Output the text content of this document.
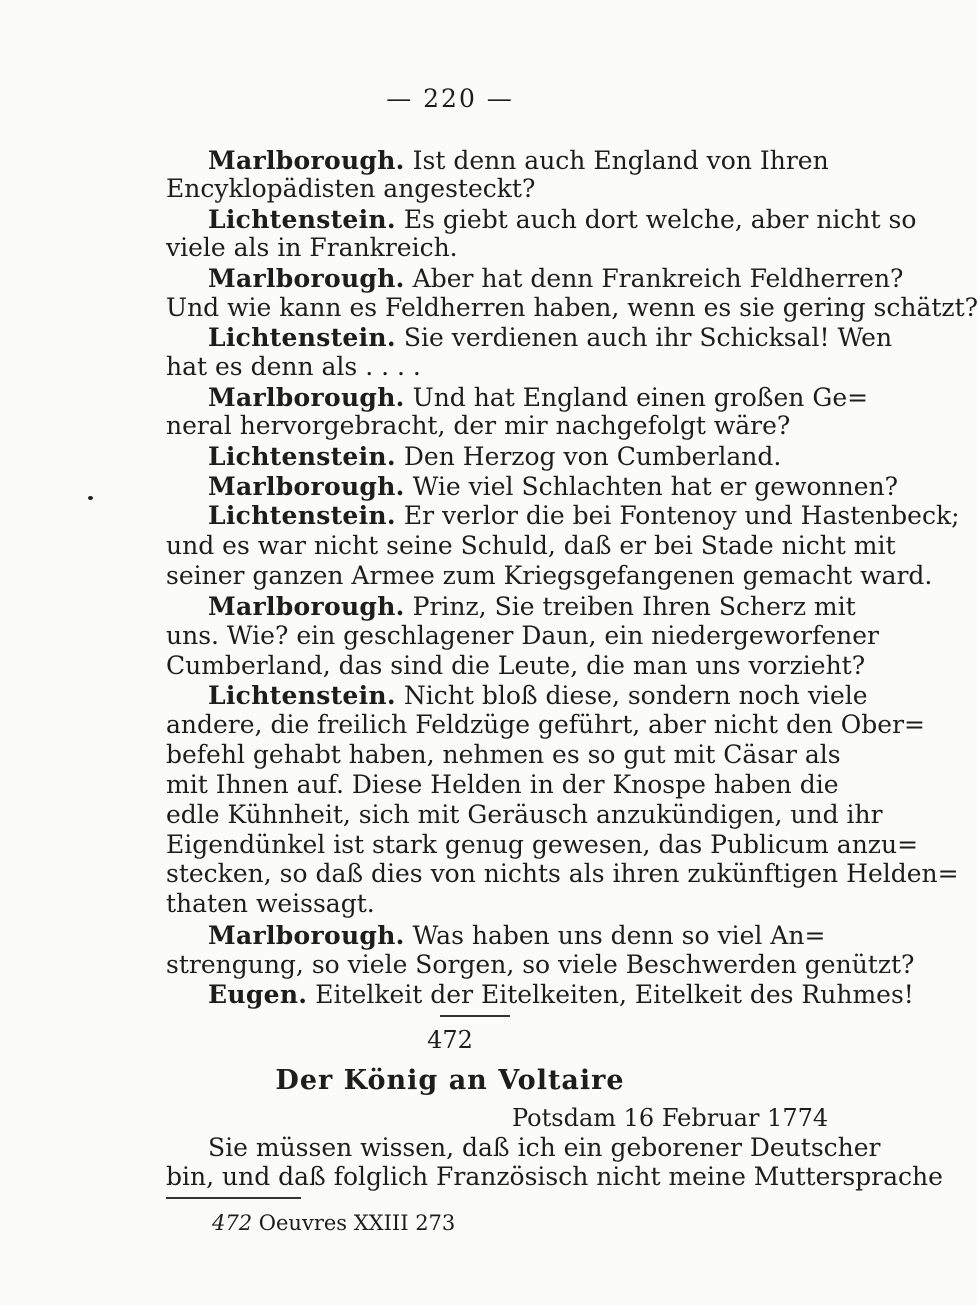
— 220 —
Marlborough. Ist denn auch England von Ihren
Encyklopädisten angesteckt?
Lichtenstein. Es giebt auch dort welche, aber nicht so
viele als in Frankreich.
Marlborough. Aber hat denn Frankreich Feldherren?
Und wie kann es Feldherren haben, wenn es sie gering schätzt?
Lichtenstein. Sie verdienen auch ihr Schicksal! Wen
hat es denn als . . . .
Marlborough. Und hat England einen großen Ge=
neral hervorgebracht, der mir nachgefolgt wäre?
Lichtenstein. Den Herzog von Cumberland.
Marlborough. Wie viel Schlachten hat er gewonnen?
Lichtenstein. Er verlor die bei Fontenoy und Hastenbeck;
und es war nicht seine Schuld, daß er bei Stade nicht mit
seiner ganzen Armee zum Kriegsgefangenen gemacht ward.
Marlborough. Prinz, Sie treiben Ihren Scherz mit
uns. Wie? ein geschlagener Daun, ein niedergeworfener
Cumberland, das sind die Leute, die man uns vorzieht?
Lichtenstein. Nicht bloß diese, sondern noch viele
andere, die freilich Feldzüge geführt, aber nicht den Ober=
befehl gehabt haben, nehmen es so gut mit Cäsar als
mit Ihnen auf. Diese Helden in der Knospe haben die
edle Kühnheit, sich mit Geräusch anzukündigen, und ihr
Eigendünkel ist stark genug gewesen, das Publicum anzu=
stecken, so daß dies von nichts als ihren zukünftigen Helden=
thaten weissagt.
Marlborough. Was haben uns denn so viel An=
strengung, so viele Sorgen, so viele Beschwerden genützt?
Eugen. Eitelkeit der Eitelkeiten, Eitelkeit des Ruhmes!
472
Der König an Voltaire
Potsdam 16 Februar 1774
Sie müssen wissen, daß ich ein geborener Deutscher
bin, und daß folglich Französisch nicht meine Muttersprache
472 Oeuvres XXIII 273
